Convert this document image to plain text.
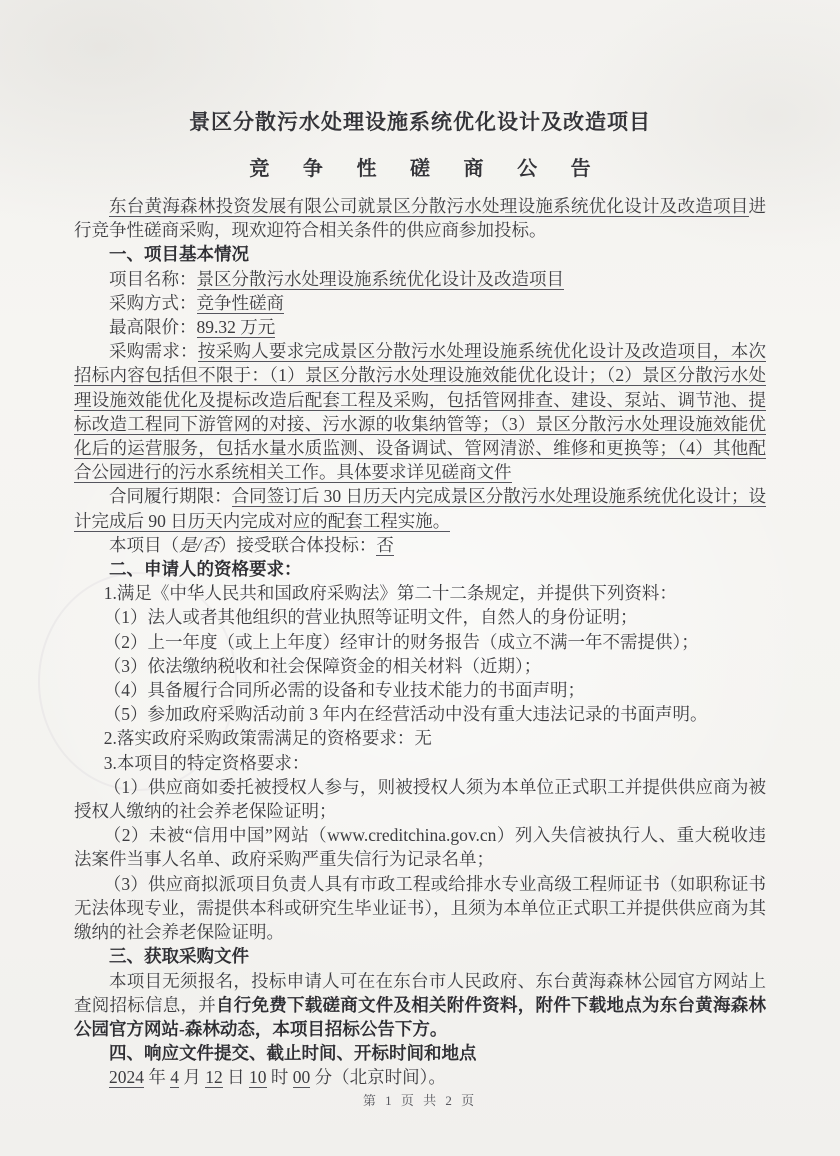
景区分散污水处理设施系统优化设计及改造项目
竞 争 性 磋 商 公 告

东台黄海森林投资发展有限公司就景区分散污水处理设施系统优化设计及改造项目进行竞争性磋商采购，现欢迎符合相关条件的供应商参加投标。

一、项目基本情况

项目名称：景区分散污水处理设施系统优化设计及改造项目

采购方式：竞争性磋商

最高限价：89.32 万元

采购需求：按采购人要求完成景区分散污水处理设施系统优化设计及改造项目，本次招标内容包括但不限于：（1）景区分散污水处理设施效能优化设计；（2）景区分散污水处理设施效能优化及提标改造后配套工程及采购，包括管网排查、建设、泵站、调节池、提标改造工程同下游管网的对接、污水源的收集纳管等；（3）景区分散污水处理设施效能优化后的运营服务，包括水量水质监测、设备调试、管网清淤、维修和更换等；（4）其他配合公园进行的污水系统相关工作。具体要求详见磋商文件

合同履行期限：合同签订后 30 日历天内完成景区分散污水处理设施系统优化设计；设计完成后 90 日历天内完成对应的配套工程实施。

本项目（是/否）接受联合体投标：否

二、申请人的资格要求：

1.满足《中华人民共和国政府采购法》第二十二条规定，并提供下列资料：

（1）法人或者其他组织的营业执照等证明文件，自然人的身份证明；

（2）上一年度（或上上年度）经审计的财务报告（成立不满一年不需提供）；

（3）依法缴纳税收和社会保障资金的相关材料（近期）；

（4）具备履行合同所必需的设备和专业技术能力的书面声明；

（5）参加政府采购活动前 3 年内在经营活动中没有重大违法记录的书面声明。

2.落实政府采购政策需满足的资格要求：无

3.本项目的特定资格要求：

（1）供应商如委托被授权人参与，则被授权人须为本单位正式职工并提供供应商为被授权人缴纳的社会养老保险证明；

（2）未被“信用中国”网站（www.creditchina.gov.cn）列入失信被执行人、重大税收违法案件当事人名单、政府采购严重失信行为记录名单；

（3）供应商拟派项目负责人具有市政工程或给排水专业高级工程师证书（如职称证书无法体现专业，需提供本科或研究生毕业证书），且须为本单位正式职工并提供供应商为其缴纳的社会养老保险证明。

三、获取采购文件

本项目无须报名，投标申请人可在在东台市人民政府、东台黄海森林公园官方网站上查阅招标信息，并自行免费下载磋商文件及相关附件资料，附件下载地点为东台黄海森林公园官方网站-森林动态，本项目招标公告下方。

四、响应文件提交、截止时间、开标时间和地点

2024 年 4 月 12 日 10 时 00 分（北京时间）。

第 1 页 共 2 页
